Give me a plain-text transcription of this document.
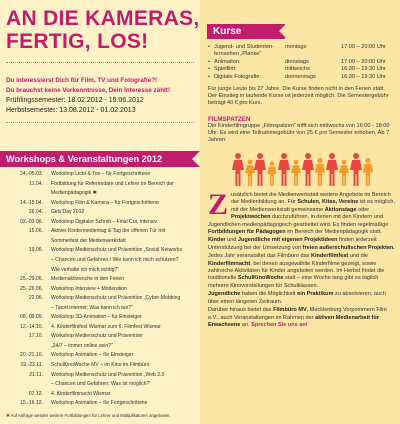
AN DIE KAMERAS,
FERTIG, LOS!
Du interessierst Dich für Film, TV und Fotografie?!
Du brauchst keine Vorkenntnisse, Dein Interesse zählt!
Frühlingssemester: 18.02.2012 - 15.06.2012
Herbstsemester: 13.08.2012 - 01.02.2013
Workshops & Veranstaltungen 2012
24.-05.03. Workshop Licht & Ton – für Fortgeschrittene
11.04. Fortbildung für Referendare und Lehrer im Bereich der
Medienpädagogik ✱
14.-15.04. Workshop Film & Kamera – für Fortgeschrittene
26.04. Girls'Day 2012
02.-03.06. Workshop Digitaler Schnitt – Final Cut, intensiv
15.06. Aktiver Kindermedientag & Tag der offenen Tür mit
Sommerfest der Medienwerkstatt
19.06. Workshop Medienschutz und Prävention „Social Networks
– Chancen und Gefahren / Wie kann ich mich schützen?
Wie verhalte ich mich richtig?“
25.-29.06. Medienaktivwoche in den Ferien
25.-26.06. Workshop Interview + Moderation
22.06. Workshop Medienschutz und Prävention „Cyber-Mobbing
– Tatort Internet: Was kann ich tun?“
08.-09.09. Workshop 3D-Animation – für Einsteiger
12.-14.10. 4. Kinderfilmfest Wismar zum 6. Filmfest Wismar
17.10. Workshop Medienschutz und Prävention
„24/7 – immer online sein?“
20.-21.10. Workshop Animation – für Einsteiger
19.-23.11. SchulKinoWoche MV – im Kino im Filmbüro
21.11. Workshop Medienschutz und Prävention „Web 2.0
– Chancen und Gefahren: Was ist möglich?“
07.12. 4. Kinderfilmnacht Wismar
15.-16.12. Workshop Animation – für Fortgeschrittene
✱ Auf Anfrage werden weitere Fortbildungen für Lehrer und Multiplikatoren angeboten.
Kurse
• Jugend- und Studenten- montags	17:00 – 20:00 Uhr
fernsehen „Planke“
• Animation:	dienstags	17:00 – 20:00 Uhr
• Spielfilm:	mittwochs	16:30 – 19:30 Uhr
• Digitale Fotografie:	donnerstags	16:30 – 19:30 Uhr
Für junge Leute bis 27 Jahre. Die Kurse finden nicht in den Ferien statt. Der Einstieg in laufende Kurse ist jederzeit möglich. Die Semestergebühr beträgt 40 € pro Kurs.
FILMSPATZEN
Die Kinderfilmgruppe „Filmspatzen“ trifft sich mittwochs von 16:00 - 18:00 Uhr. Es wird eine Teilnahmegebühr von 25 € pro Semester erhoben. Ab 7 Jahren.
Z usätzlich bietet die Medienwerkstatt weitere Angebote im Bereich der Medienbildung an. Für Schulen, Kitas, Vereine ist es möglich, mit der Medienwerkstatt gemeinsame Aktionstage oder Projektwochen durchzuführen, in denen mit den Kindern und Jugendlichen medienpädagogisch gearbeitet wird. Es finden regelmäßige Fortbildungen für Pädagogen im Bereich der Medienpädagogik statt.

Kinder und Jugendliche mit eigenen Projektideen finden jederzeit Unterstützung bei der Umsetzung von freien außerschulischen Projekten.

Jedes Jahr veranstaltet das Filmbüro das Kinderfilmfest und die Kinderfilmnacht, bei denen ausgewählte Kinderfilme gezeigt, sowie zahlreiche Aktivitäten für Kinder angeboten werden. Im Herbst findet die traditionelle SchulKinoWoche statt – eine Woche lang gibt es täglich mehrere Kinovorstellungen für Schulklassen.

Jugendliche haben die Möglichkeit ein Praktikum zu absolvieren, auch über einen längeren Zeitraum.

Darüber hinaus bietet das Filmbüro MV, Mecklenburg Vorpommern Film e.V., auch Veranstaltungen im Rahmen der aktiven Medienarbeit für Erwachsene an. Sprechen Sie uns an!
